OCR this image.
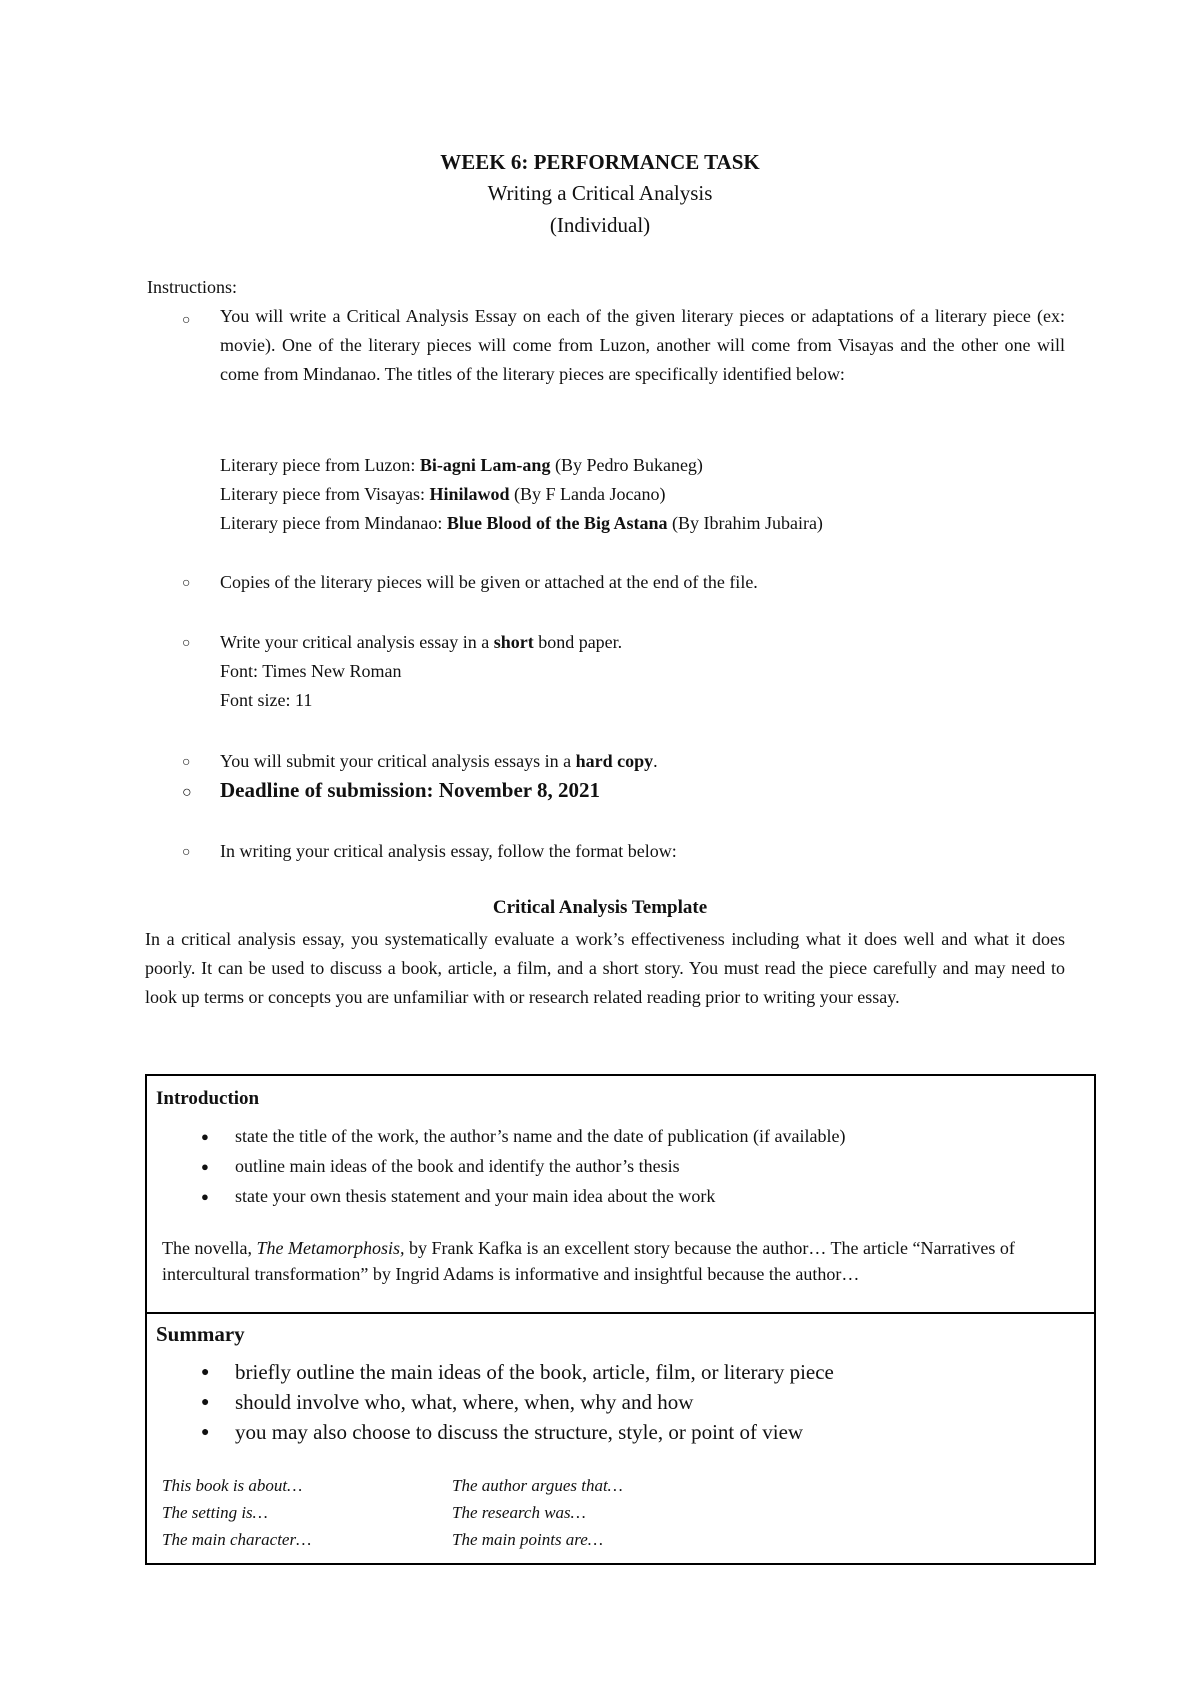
WEEK 6: PERFORMANCE TASK
Writing a Critical Analysis
(Individual)
Instructions:
○ You will write a Critical Analysis Essay on each of the given literary pieces or adaptations of a literary piece (ex: movie). One of the literary pieces will come from Luzon, another will come from Visayas and the other one will come from Mindanao. The titles of the literary pieces are specifically identified below:
Literary piece from Luzon: Bi-agni Lam-ang (By Pedro Bukaneg)
Literary piece from Visayas: Hinilawod (By F Landa Jocano)
Literary piece from Mindanao: Blue Blood of the Big Astana (By Ibrahim Jubaira)
○ Copies of the literary pieces will be given or attached at the end of the file.
○ Write your critical analysis essay in a short bond paper.
Font: Times New Roman
Font size: 11
○ You will submit your critical analysis essays in a hard copy.
○ Deadline of submission: November 8, 2021
○ In writing your critical analysis essay, follow the format below:
Critical Analysis Template
In a critical analysis essay, you systematically evaluate a work’s effectiveness including what it does well and what it does poorly. It can be used to discuss a book, article, a film, and a short story. You must read the piece carefully and may need to look up terms or concepts you are unfamiliar with or research related reading prior to writing your essay.
Introduction
● state the title of the work, the author’s name and the date of publication (if available)
● outline main ideas of the book and identify the author’s thesis
● state your own thesis statement and your main idea about the work
The novella, The Metamorphosis, by Frank Kafka is an excellent story because the author… The article “Narratives of intercultural transformation” by Ingrid Adams is informative and insightful because the author…
Summary
● briefly outline the main ideas of the book, article, film, or literary piece
● should involve who, what, where, when, why and how
● you may also choose to discuss the structure, style, or point of view
This book is about…
The setting is…
The main character…
The author argues that…
The research was…
The main points are…
